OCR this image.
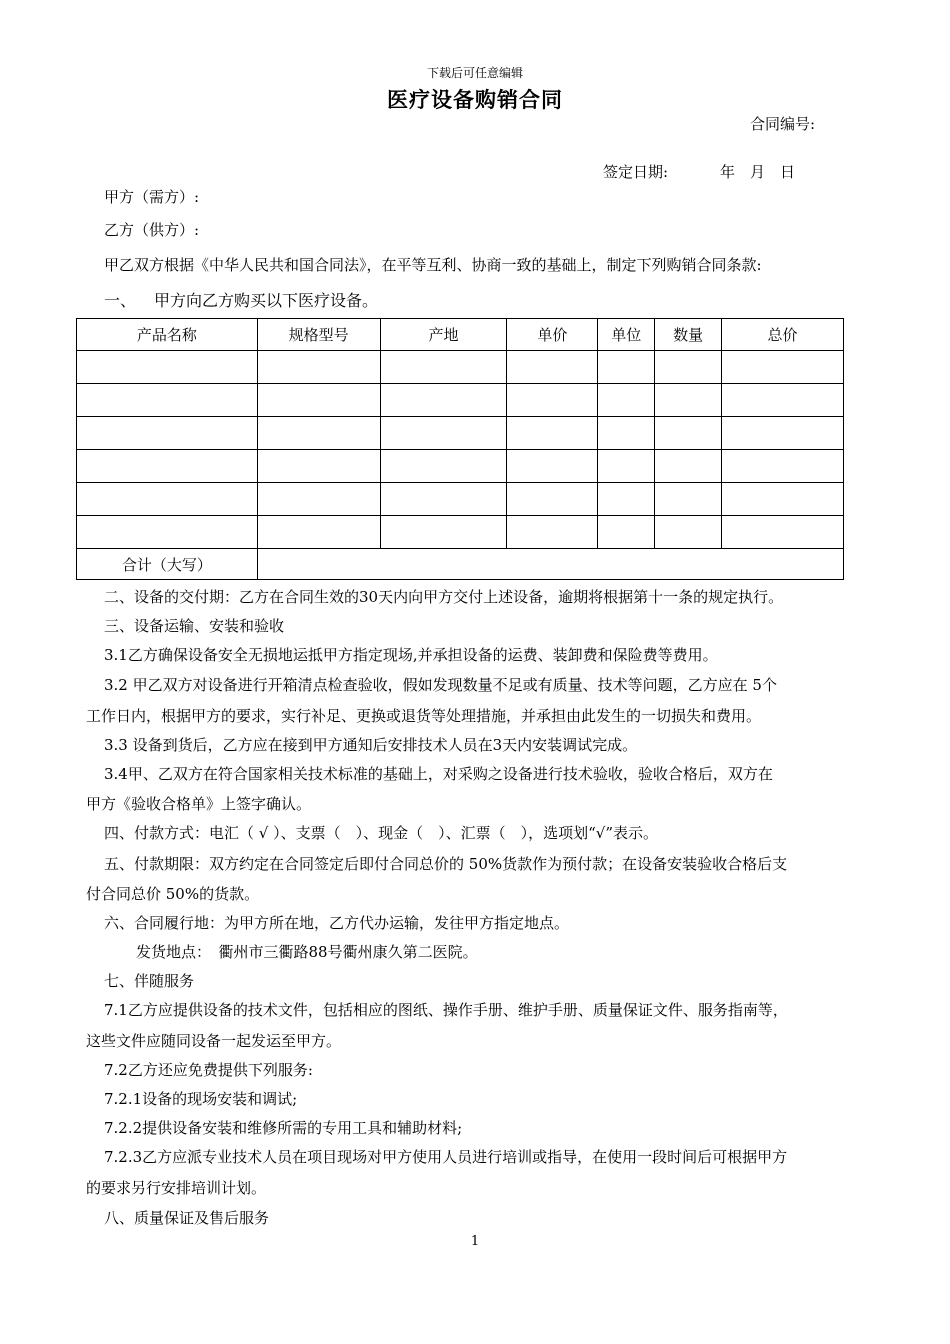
下载后可任意编辑
医疗设备购销合同
合同编号:
签定日期:	年　月　日
甲方（需方）:
乙方（供方）:
甲乙双方根据《中华人民共和国合同法》，在平等互利、协商一致的基础上，制定下列购销合同条款:
一、 甲方向乙方购买以下医疗设备。
产品名称	规格型号	产地	单价	单位	数量	总价

合计（大写）						
二、设备的交付期：乙方在合同生效的30天内向甲方交付上述设备，逾期将根据第十一条的规定执行。
三、设备运输、安装和验收
3.1乙方确保设备安全无损地运抵甲方指定现场,并承担设备的运费、装卸费和保险费等费用。
3.2 甲乙双方对设备进行开箱清点检查验收，假如发现数量不足或有质量、技术等问题，乙方应在 5个
工作日内，根据甲方的要求，实行补足、更换或退货等处理措施，并承担由此发生的一切损失和费用。
3.3 设备到货后，乙方应在接到甲方通知后安排技术人员在3天内安装调试完成。
3.4甲、乙双方在符合国家相关技术标准的基础上，对采购之设备进行技术验收，验收合格后，双方在
甲方《验收合格单》上签字确认。
四、付款方式：电汇（ √ ）、支票（　）、现金（　）、汇票（　），选项划“√”表示。
五、付款期限：双方约定在合同签定后即付合同总价的 50%货款作为预付款；在设备安装验收合格后支
付合同总价 50%的货款。
六、合同履行地：为甲方所在地，乙方代办运输，发往甲方指定地点。
发货地点：　衢州市三衢路88号衢州康久第二医院。
七、伴随服务
7.1乙方应提供设备的技术文件，包括相应的图纸、操作手册、维护手册、质量保证文件、服务指南等，
这些文件应随同设备一起发运至甲方。
7.2乙方还应免费提供下列服务:
7.2.1设备的现场安装和调试;
7.2.2提供设备安装和维修所需的专用工具和辅助材料;
7.2.3乙方应派专业技术人员在项目现场对甲方使用人员进行培训或指导，在使用一段时间后可根据甲方
的要求另行安排培训计划。
八、质量保证及售后服务
1
